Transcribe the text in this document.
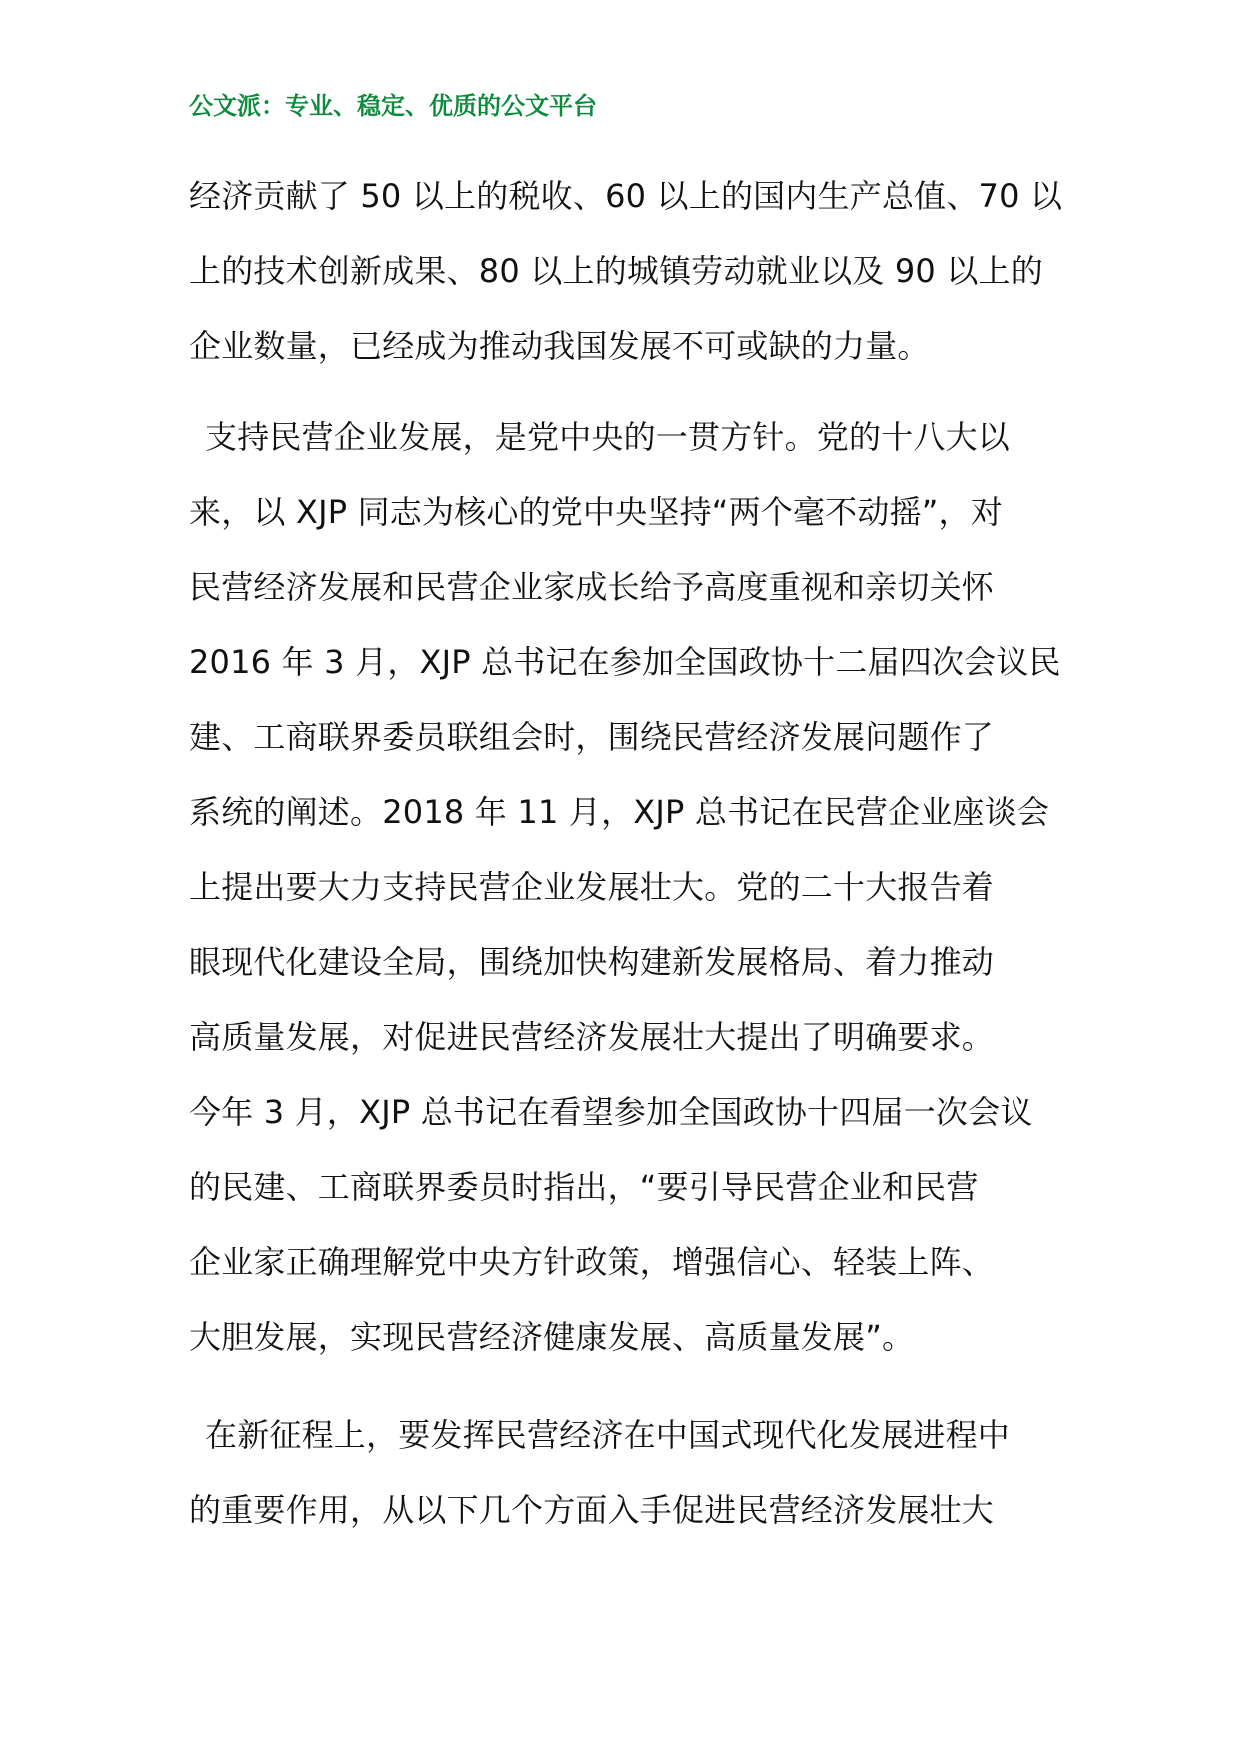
公文派：专业、稳定、优质的公文平台
经济贡献了 50 以上的税收、60 以上的国内生产总值、70 以
上的技术创新成果、80 以上的城镇劳动就业以及 90 以上的
企业数量，已经成为推动我国发展不可或缺的力量。
支持民营企业发展，是党中央的一贯方针。党的十八大以
来，以 XJP 同志为核心的党中央坚持“两个毫不动摇”，对
民营经济发展和民营企业家成长给予高度重视和亲切关怀
2016 年 3 月，XJP 总书记在参加全国政协十二届四次会议民
建、工商联界委员联组会时，围绕民营经济发展问题作了
系统的阐述。2018 年 11 月，XJP 总书记在民营企业座谈会
上提出要大力支持民营企业发展壮大。党的二十大报告着
眼现代化建设全局，围绕加快构建新发展格局、着力推动
高质量发展，对促进民营经济发展壮大提出了明确要求。
今年 3 月，XJP 总书记在看望参加全国政协十四届一次会议
的民建、工商联界委员时指出，“要引导民营企业和民营
企业家正确理解党中央方针政策，增强信心、轻装上阵、
大胆发展，实现民营经济健康发展、高质量发展”。
在新征程上，要发挥民营经济在中国式现代化发展进程中
的重要作用，从以下几个方面入手促进民营经济发展壮大
